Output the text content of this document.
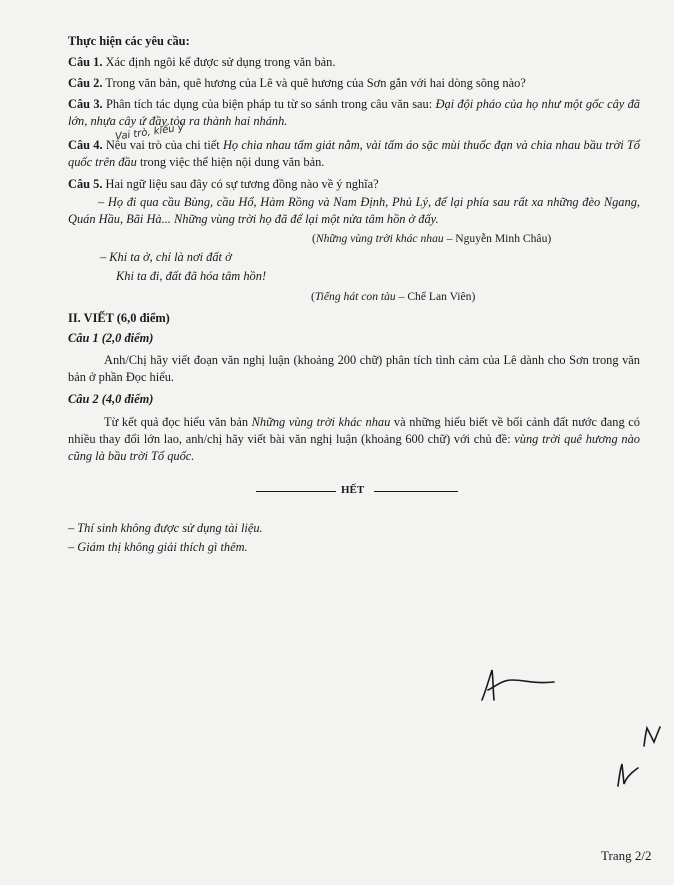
Thực hiện các yêu cầu:
Câu 1. Xác định ngôi kể được sử dụng trong văn bản.
Câu 2. Trong văn bản, quê hương của Lê và quê hương của Sơn gắn với hai dòng sông nào?
Câu 3. Phân tích tác dụng của biện pháp tu từ so sánh trong câu văn sau: Đại đội pháo của họ như một gốc cây đã lớn, nhựa cây ứ đầy tỏa ra thành hai nhánh.
Vai trò, kiểu ý
Câu 4. Nêu vai trò của chi tiết Họ chia nhau tấm giát nằm, vài tấm áo sặc mùi thuốc đạn và chia nhau bầu trời Tổ quốc trên đầu trong việc thể hiện nội dung văn bản.
Câu 5. Hai ngữ liệu sau đây có sự tương đồng nào về ý nghĩa?
– Họ đi qua cầu Bùng, cầu Hổ, Hàm Rồng và Nam Định, Phủ Lý, để lại phía sau rất xa những đèo Ngang, Quán Hầu, Bãi Hà... Những vùng trời họ đã để lại một nửa tâm hồn ở đấy.
(Những vùng trời khác nhau – Nguyễn Minh Châu)
– Khi ta ở, chỉ là nơi đất ở
Khi ta đi, đất đã hóa tâm hồn!
(Tiếng hát con tàu – Chế Lan Viên)
II. VIẾT (6,0 điểm)
Câu 1 (2,0 điểm)
Anh/Chị hãy viết đoạn văn nghị luận (khoảng 200 chữ) phân tích tình cảm của Lê dành cho Sơn trong văn bản ở phần Đọc hiểu.
Câu 2 (4,0 điểm)
Từ kết quả đọc hiểu văn bản Những vùng trời khác nhau và những hiểu biết về bối cảnh đất nước đang có nhiều thay đổi lớn lao, anh/chị hãy viết bài văn nghị luận (khoảng 600 chữ) với chủ đề: vùng trời quê hương nào cũng là bầu trời Tổ quốc.
HẾT
– Thí sinh không được sử dụng tài liệu.
– Giám thị không giải thích gì thêm.
Trang 2/2
